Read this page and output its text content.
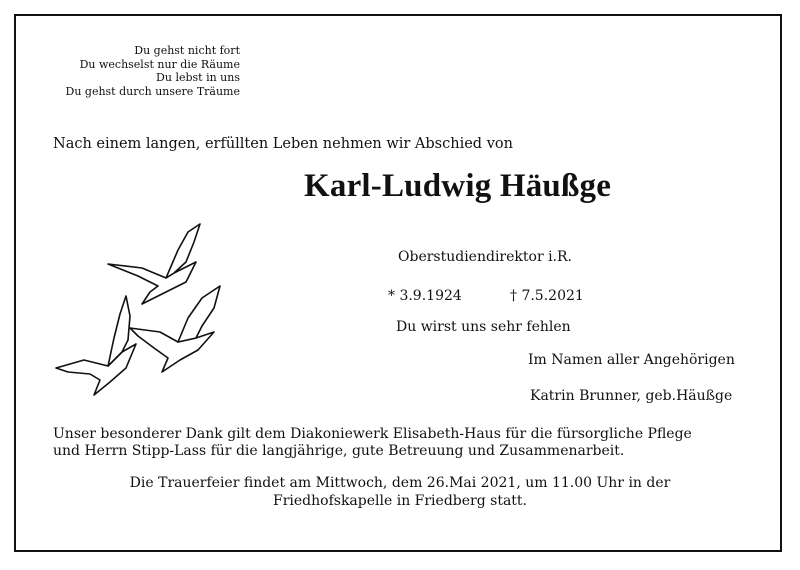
Du gehst nicht fort
Du wechselst nur die Räume
Du lebst in uns
Du gehst durch unsere Träume
Nach einem langen, erfüllten Leben nehmen wir Abschied von
Karl-Ludwig Häußge
Oberstudiendirektor i.R.
* 3.9.1924	† 7.5.2021
Du wirst uns sehr fehlen
Im Namen aller Angehörigen
Katrin Brunner, geb.Häußge
Unser besonderer Dank gilt dem Diakoniewerk Elisabeth-Haus für die fürsorgliche Pflege
und Herrn Stipp-Lass für die langjährige, gute Betreuung und Zusammenarbeit.
Die Trauerfeier findet am Mittwoch, dem 26.Mai 2021, um 11.00 Uhr in der
Friedhofskapelle in Friedberg statt.
